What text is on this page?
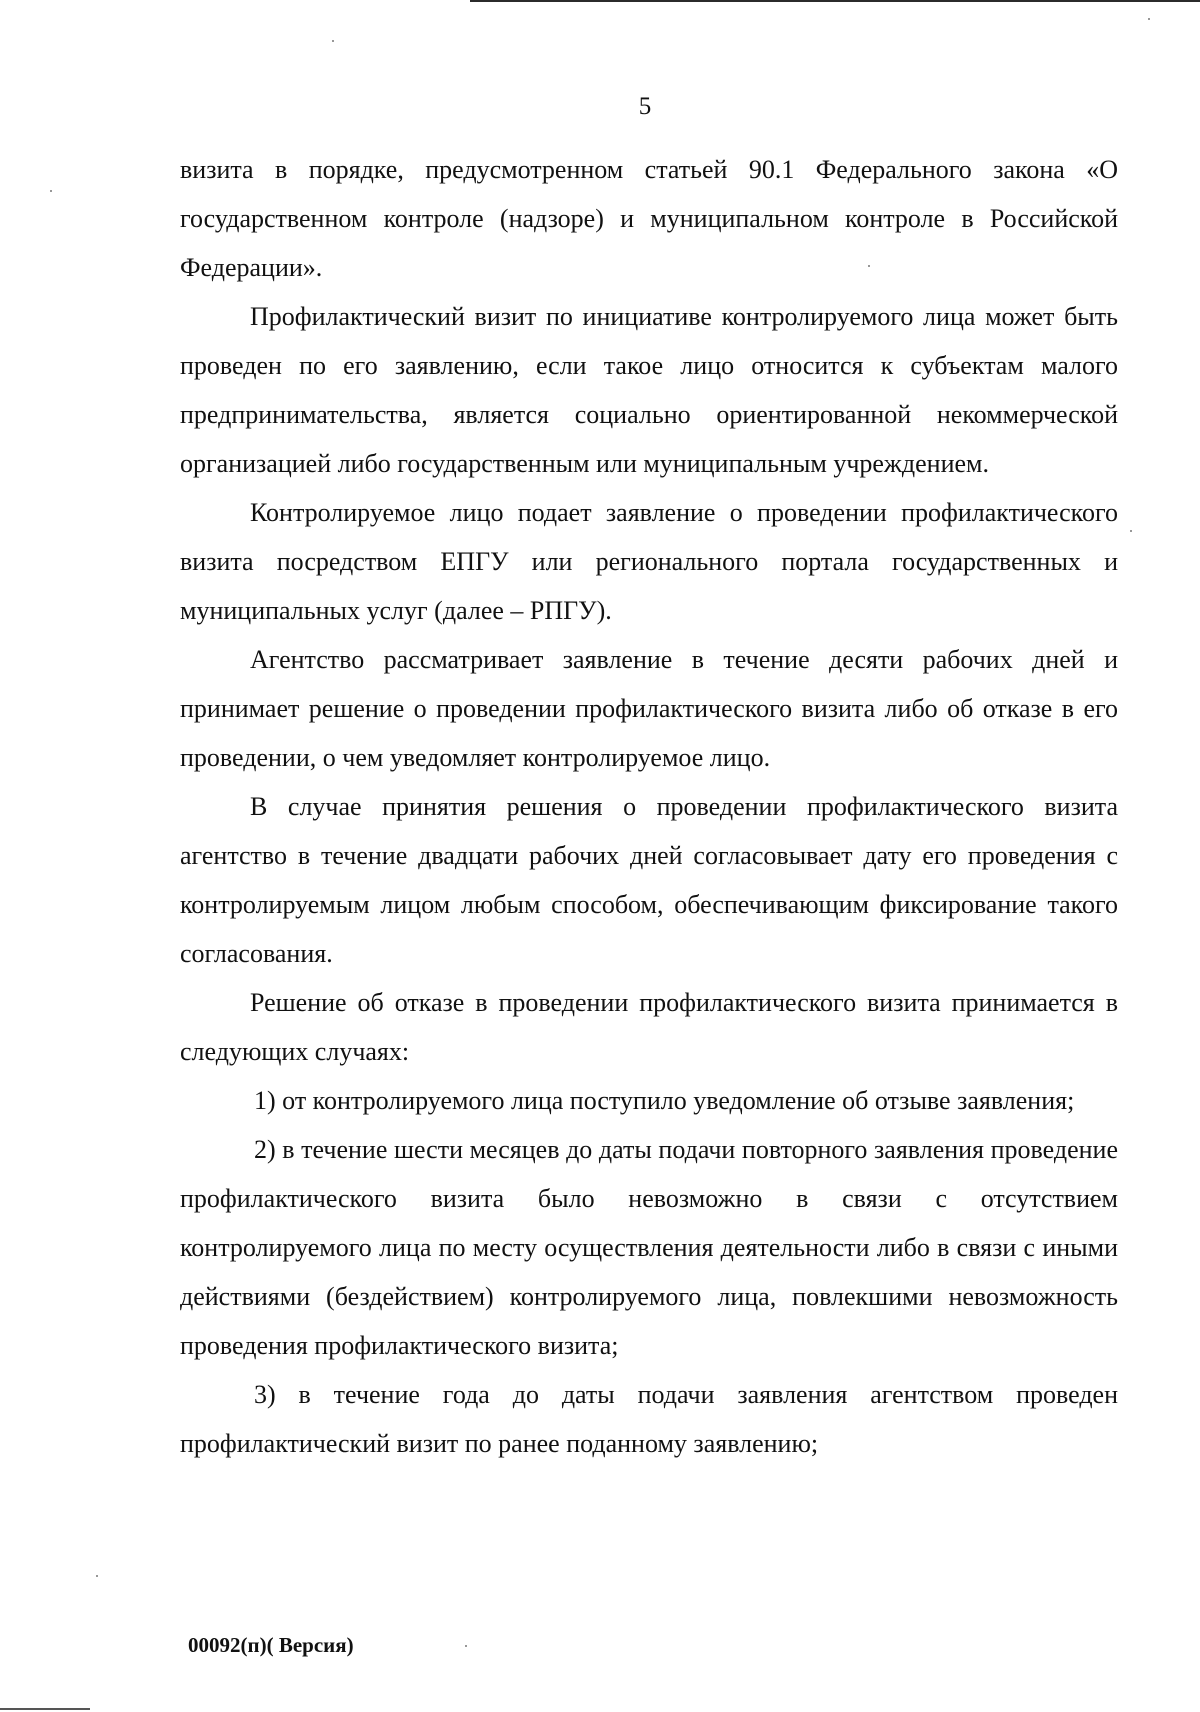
5

визита в порядке, предусмотренном статьей 90.1 Федерального закона «О государственном контроле (надзоре) и муниципальном контроле в Российской Федерации».

Профилактический визит по инициативе контролируемого лица может быть проведен по его заявлению, если такое лицо относится к субъектам малого предпринимательства, является социально ориентированной некоммерческой организацией либо государственным или муниципальным учреждением.

Контролируемое лицо подает заявление о проведении профилактического визита посредством ЕПГУ или регионального портала государственных и муниципальных услуг (далее – РПГУ).

Агентство рассматривает заявление в течение десяти рабочих дней и принимает решение о проведении профилактического визита либо об отказе в его проведении, о чем уведомляет контролируемое лицо.

В случае принятия решения о проведении профилактического визита агентство в течение двадцати рабочих дней согласовывает дату его проведения с контролируемым лицом любым способом, обеспечивающим фиксирование такого согласования.

Решение об отказе в проведении профилактического визита принимается в следующих случаях:

1) от контролируемого лица поступило уведомление об отзыве заявления;

2) в течение шести месяцев до даты подачи повторного заявления проведение профилактического визита было невозможно в связи с отсутствием контролируемого лица по месту осуществления деятельности либо в связи с иными действиями (бездействием) контролируемого лица, повлекшими невозможность проведения профилактического визита;

3) в течение года до даты подачи заявления агентством проведен профилактический визит по ранее поданному заявлению;

00092(п)( Версия)
